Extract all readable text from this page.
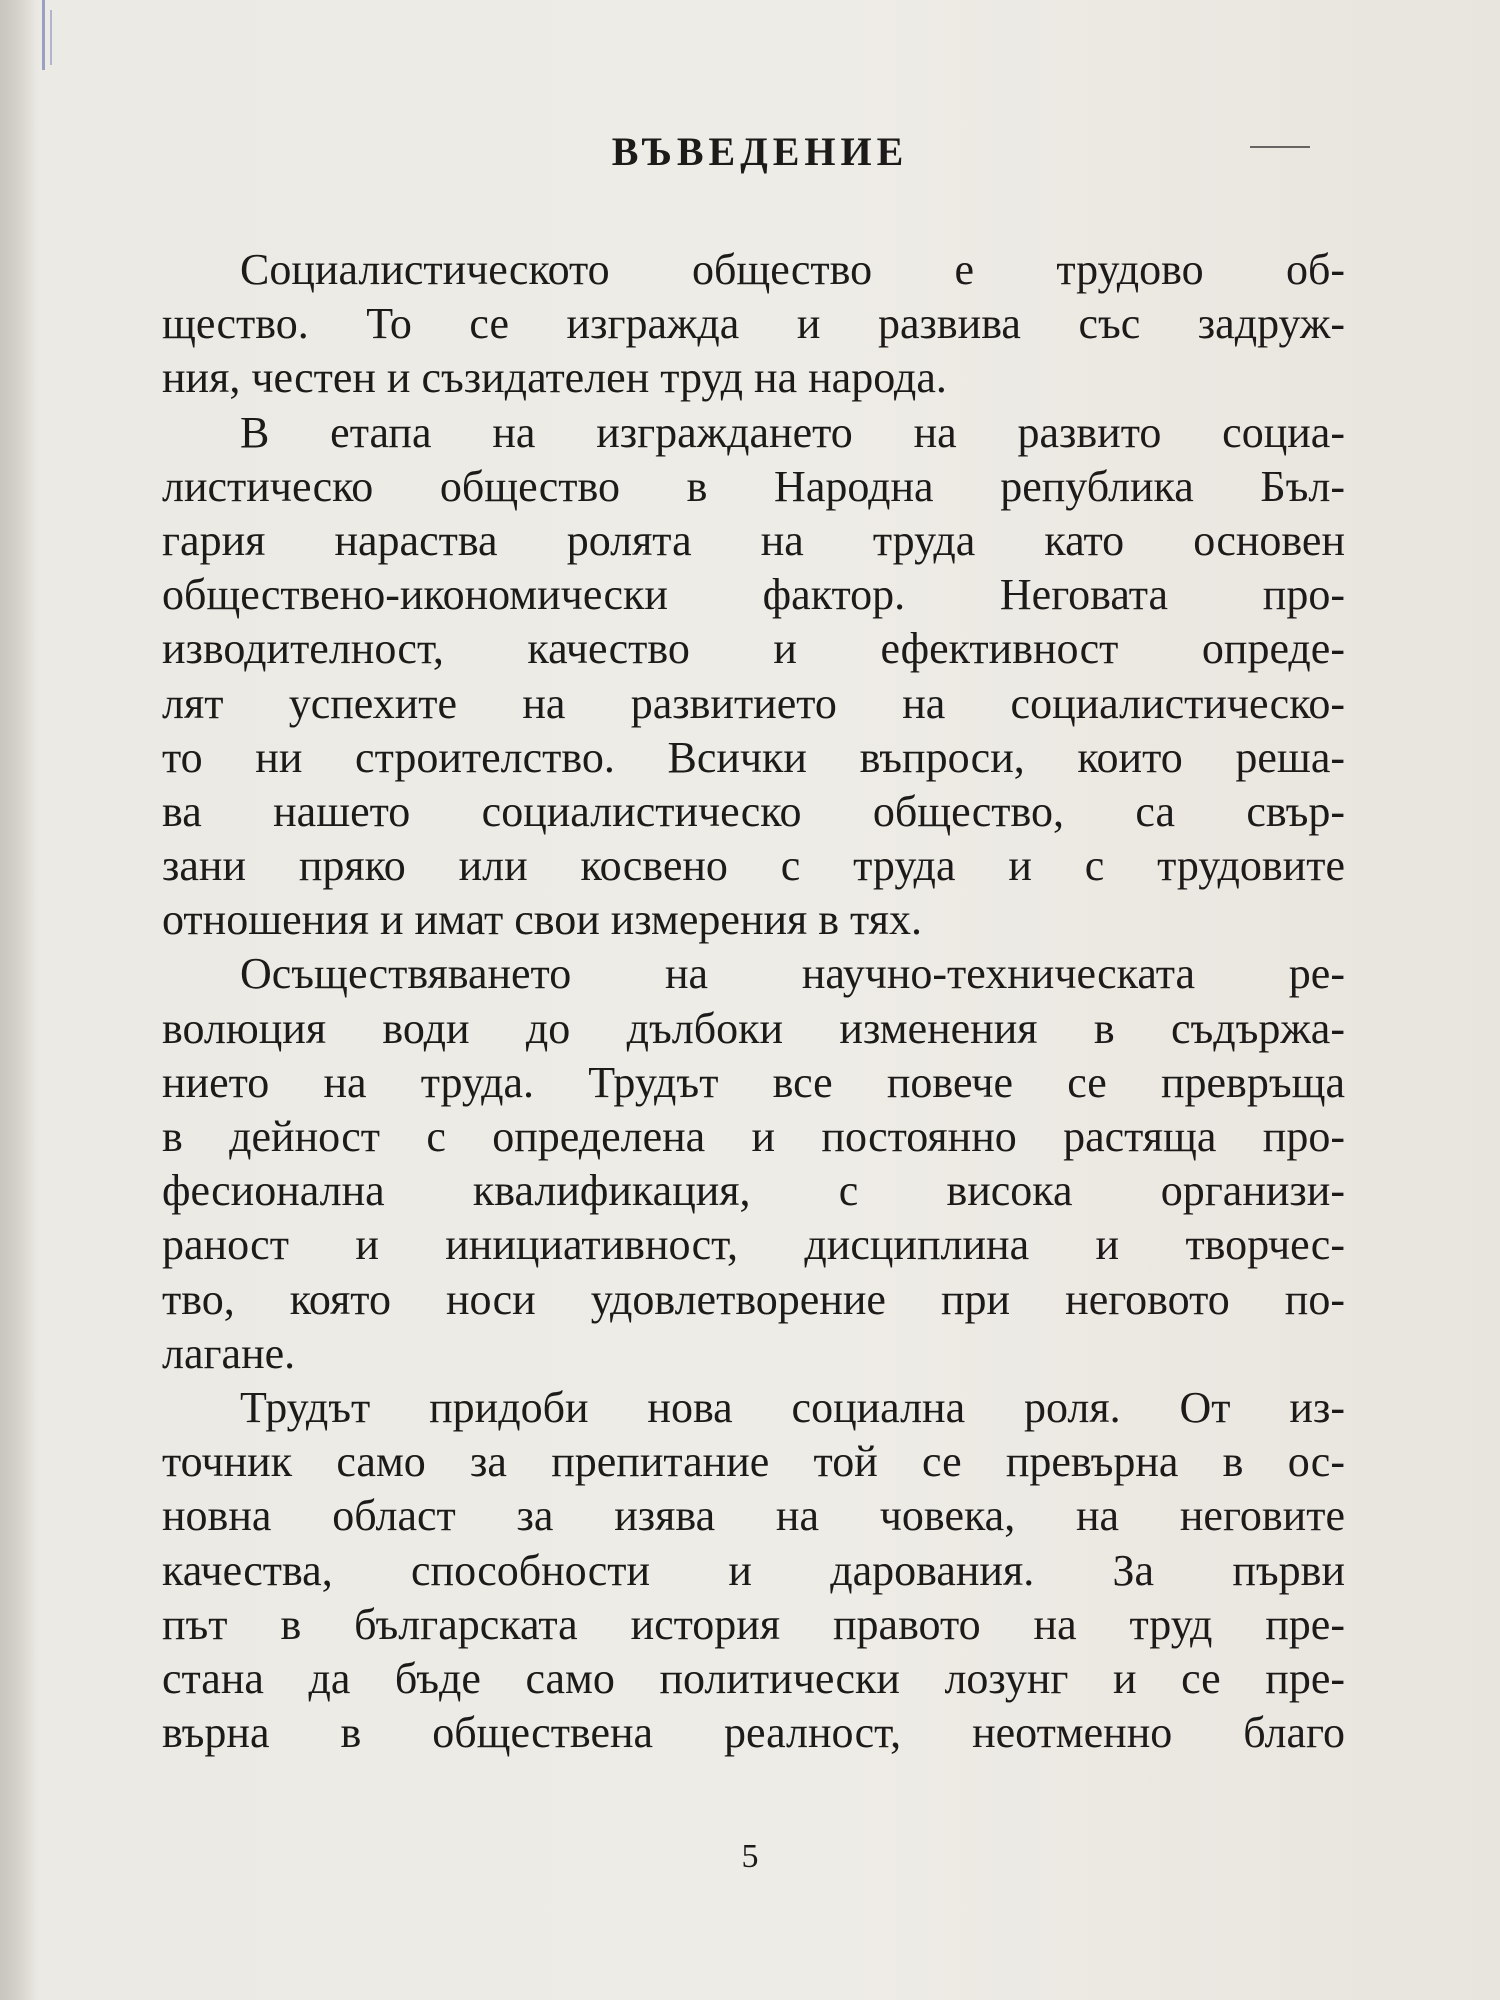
ВЪВЕДЕНИЕ
Социалистическото общество е трудово об-
щество. То се изгражда и развива със задруж-
ния, честен и съзидателен труд на народа.
В етапа на изграждането на развито социа-
листическо общество в Народна република Бъл-
гария нараства ролята на труда като основен
обществено-икономически фактор. Неговата про-
изводителност, качество и ефективност опреде-
лят успехите на развитието на социалистическо-
то ни строителство. Всички въпроси, които реша-
ва нашето социалистическо общество, са свър-
зани пряко или косвено с труда и с трудовите
отношения и имат свои измерения в тях.
Осъществяването на научно-техническата ре-
волюция води до дълбоки изменения в съдържа-
нието на труда. Трудът все повече се превръща
в дейност с определена и постоянно растяща про-
фесионална квалификация, с висока организи-
раност и инициативност, дисциплина и творчес-
тво, която носи удовлетворение при неговото по-
лагане.
Трудът придоби нова социална роля. От из-
точник само за препитание той се превърна в ос-
новна област за изява на човека, на неговите
качества, способности и дарования. За първи
път в българската история правото на труд пре-
стана да бъде само политически лозунг и се пре-
върна в обществена реалност, неотменно благо

5
